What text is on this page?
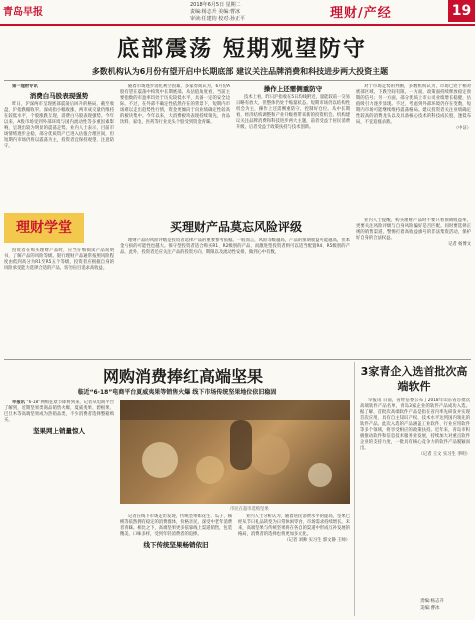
青岛早报
2018年6月5日 星期二
责编:杨志升 美编:曹冰
审读:任建钧 校对:孙正平	理财/产经	19
底部震荡 短期观望防守
多数机构认为6月份有望开启中长期底部 建议关注品牌消费和科技进步两大投资主题

第一理财专讯

消费白马股表现强势

昨日，沪深两市呈现底部震荡后回升的格局，截至收盘，沪指跌幅收窄，深成指小幅收涨，两市成交量仍维持在较低水平，个股涨跌互现，消费白马股表现强势。今年以来，A股市场受到外部环境与国内流动性等多重因素影响，呈现出较为明显的震荡走势。业内人士表示，目前市场情绪逐步企稳，部分优质资产已进入估值合理区间，但短期内市场仍将以震荡为主，投资者宜保持观望、注意防守。

随着市场逐步消化利空因素，多家券商认为，6月份A股有望在震荡中构筑中长期底部。从估值角度看，当前主要指数的市盈率均处于历史较低水平，具备一定的安全边际。不过，在外部不确定性依然存在的背景下，短期内市场难以走出趋势性行情，资金更倾向于向业绩确定性较高的板块集中。今年以来，大消费板块表现持续领先，食品饮料、家电、医药等行业龙头个股受到资金青睐。

操作上还需侧重防守

技术上看，昨日沪指收在5日均线附近，量能较前一交易日略有放大，但整体仍处于缩量状态。短期市场仍以结构性机会为主，操作上还需侧重防守，控制好仓位。从中长期看，经济结构调整和产业升级将带来新的投资机会。机构建议关注品牌消费和科技进步两大主题，前者受益于居民消费升级，后者受益于政策扶持与技术创新。

对于市场走势的判断，多数机构认为，市场已处于相对底部区域，下跌空间有限。一方面，政策面持续释放稳定预期的信号；另一方面，部分优质上市公司业绩增长稳健，估值吸引力逐步显现。不过，考虑到外部环境仍存在变数，短期内市场可能继续维持震荡格局。建议投资者关注业绩确定性较高的消费龙头以及具备核心技术的科技成长股，逢低布局，不宜追涨杀跌。

（中证）
理财学堂

投资者在购买理财产品时，应当仔细阅读产品说明书，了解产品的风险等级。银行理财产品通常按照风险程度由低到高分为R1至R5五个等级，投资者应根据自身的风险承受能力选择合适的产品，切勿盲目追求高收益。

买理财产品莫忘风险评级

理财产品的风险评级是投资者选择产品的重要参考依据。一般而言，风险等级越高，产品的预期收益可能越高，但本金亏损的可能性也越大。保守型投资者适合购买R1、R2级别的产品，而激进型投资者则可以适当配置R4、R5级别的产品。此外，投资者还应关注产品的投资方向、期限以及流动性安排，做到心中有数。

业内人士提醒，购买理财产品时不要只看预期收益率，更要关注风险评级与自身风险偏好是否匹配。同时要选择正规的销售渠道，警惕打着高收益旗号的非法集资活动，保护好自身的合法权益。

记者 杨博文
网购消费捧红高端坚果
临近“6·18”电商平台夏威夷果等销售火爆 线下市场传统坚果地位依旧稳固

早报讯 “6·18”网购狂欢节即将到来，记者从电商平台了解到，近期坚果类商品销售火爆，夏威夷果、碧根果、巴旦木等高端坚果成为热销品类，不少消费者选择整箱购买。

坚果网上销量惊人
市民在超市选购坚果

记者在线下市场走访发现，传统坚果如花生、瓜子、核桃等依然拥有稳定的消费群体，价格亲民，深受中老年消费者青睐。相比之下，高端坚果更多依靠线上渠道销售，包装精美、口味多样，受到年轻消费者的追捧。

线下传统坚果畅销依旧

业内人士分析认为，随着居民消费水平的提高，坚果已经从节日礼品转变为日常休闲零食，市场需求持续增长。未来，高端坚果与传统坚果将在各自的渠道中形成互补发展的格局，消费者的选择也将更加多元化。

（记者 刘帅 实习生 郭文静 王帅）
3家青企入选首批次高端软件

早报讯 日前，省经信委公布了2018年山东省首批次高端软件产品名单，青岛3家企业的软件产品成功入选。据了解，首批次高端软件产品是指在省内率先研发并实现首次应用、具有自主知识产权、技术水平达到国内领先的软件产品。此次入选的产品涵盖工业软件、行业应用软件等多个领域，将享受相应的政策扶持。近年来，青岛市积极推动软件和信息技术服务业发展，持续加大对重点软件企业的支持力度，一批具有核心竞争力的软件产品脱颖而出。

（记者 王文 实习生 李明）
责编:杨志升
美编:曹冰
